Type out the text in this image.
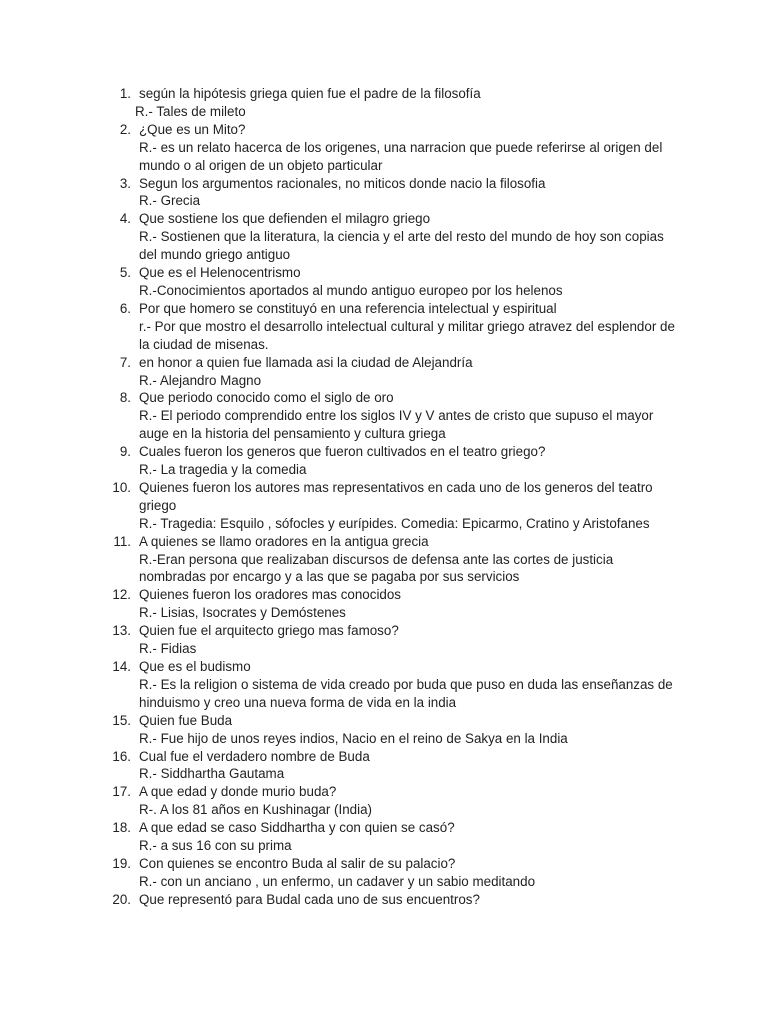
1. según la hipótesis griega quien fue el padre de la filosofía
R.- Tales de mileto
2. ¿Que es un Mito?
R.- es un relato hacerca de los origenes, una narracion que puede referirse al origen del mundo o al origen de un objeto particular
3. Segun los argumentos racionales, no miticos donde nacio la filosofia
R.- Grecia
4. Que sostiene los que defienden el milagro griego
R.- Sostienen que la literatura, la ciencia y el arte del resto del mundo de hoy son copias del mundo griego antiguo
5. Que es el Helenocentrismo
R.-Conocimientos aportados al mundo antiguo europeo por los helenos
6. Por que homero se constituyó en una referencia intelectual y espiritual
r.- Por que mostro el desarrollo intelectual cultural y militar griego atravez del esplendor de la ciudad de misenas.
7. en honor a quien fue llamada asi la ciudad de Alejandría
R.- Alejandro Magno
8. Que periodo conocido como el siglo de oro
R.- El periodo comprendido entre los siglos IV y V antes de cristo que supuso el mayor auge en la historia del pensamiento y cultura griega
9. Cuales fueron los generos que fueron cultivados en el teatro griego?
R.- La tragedia y la comedia
10. Quienes fueron los autores mas representativos en cada uno de los generos del teatro griego
R.- Tragedia: Esquilo , sófocles y eurípides. Comedia: Epicarmo, Cratino y Aristofanes
11. A quienes se llamo oradores en la antigua grecia
R.-Eran persona que realizaban discursos de defensa ante las cortes de justicia nombradas por encargo y a las que se pagaba por sus servicios
12. Quienes fueron los oradores mas conocidos
R.- Lisias, Isocrates y Demóstenes
13. Quien fue el arquitecto griego mas famoso?
R.- Fidias
14. Que es el budismo
R.- Es la religion o sistema de vida creado por buda que puso en duda las enseñanzas de hinduismo y creo una nueva forma de vida en la india
15. Quien fue Buda
R.- Fue hijo de unos reyes indios, Nacio en el reino de Sakya en la India
16. Cual fue el verdadero nombre de Buda
R.- Siddhartha Gautama
17. A que edad y donde murio buda?
R-. A los 81 años en Kushinagar (India)
18. A que edad se caso Siddhartha y con quien se casó?
R.- a sus 16 con su prima
19. Con quienes se encontro Buda al salir de su palacio?
R.- con un anciano , un enfermo, un cadaver y un sabio meditando
20. Que representó para Budal cada uno de sus encuentros?
